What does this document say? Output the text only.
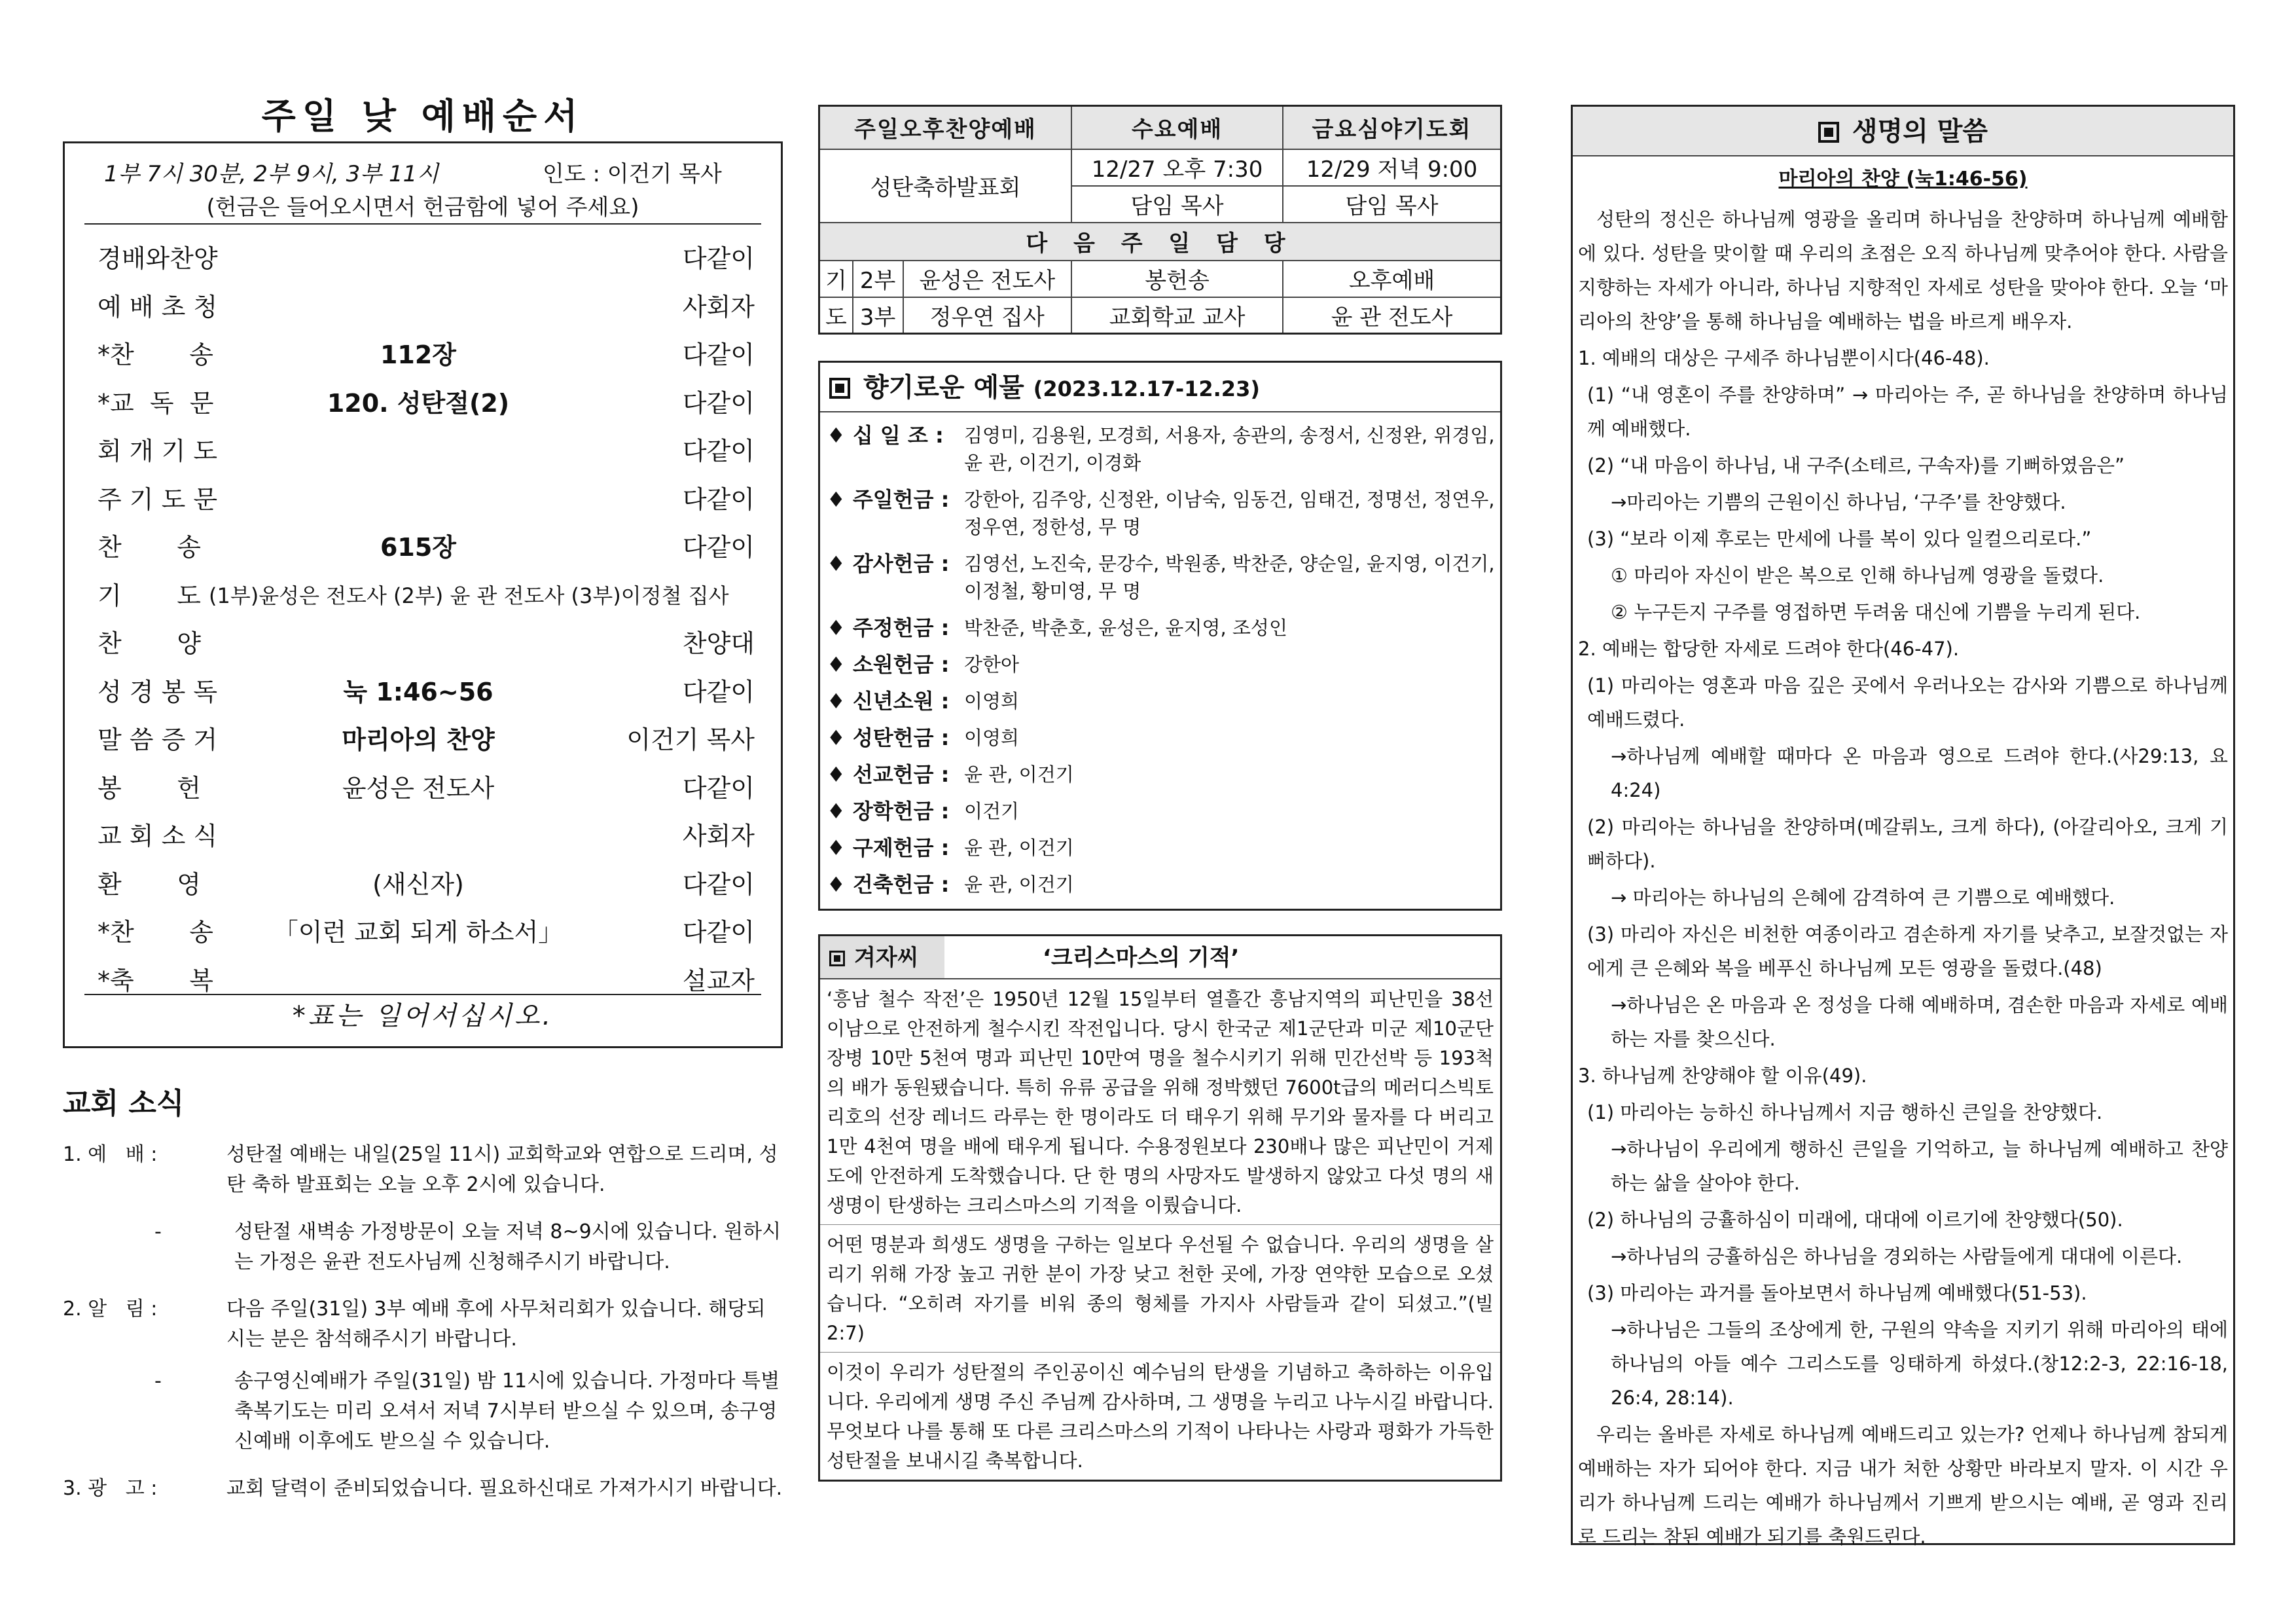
주일 낮 예배순서
1부 7시 30분, 2부 9시, 3부 11시	인도 : 이건기 목사
(헌금은 들어오시면서 헌금함에 넣어 주세요)
경배와찬양	다같이
예 배 초 청	사회자
*찬       송	112장	다같이
*교  독  문	120. 성탄절(2)	다같이
회 개 기 도	다같이
주 기 도 문	다같이
찬       송	615장	다같이
기       도 (1부)윤성은 전도사 (2부) 윤 관 전도사 (3부)이정철 집사
찬       양	찬양대
성 경 봉 독	눅 1:46~56	다같이
말 씀 증 거	마리아의 찬양	이건기 목사
봉       헌	윤성은 전도사	다같이
교 회 소 식	사회자
환       영	(새신자)	다같이
*찬       송	「이런 교회 되게 하소서」	다같이
*축       복	설교자
*표는 일어서십시오.
교회 소식
1. 예   배 :	성탄절 예배는 내일(25일 11시) 교회학교와 연합으로 드리며, 성탄 축하 발표회는 오늘 오후 2시에 있습니다.
-	성탄절 새벽송 가정방문이 오늘 저녁 8~9시에 있습니다. 원하시는 가정은 윤관 전도사님께 신청해주시기 바랍니다.
2. 알   림 :	다음 주일(31일) 3부 예배 후에 사무처리회가 있습니다. 해당되시는 분은 참석해주시기 바랍니다.
-	송구영신예배가 주일(31일) 밤 11시에 있습니다. 가정마다 특별 축복기도는 미리 오셔서 저녁 7시부터 받으실 수 있으며, 송구영신예배 이후에도 받으실 수 있습니다.
3. 광   고 :	교회 달력이 준비되었습니다. 필요하신대로 가져가시기 바랍니다.
주일오후찬양예배			수요예배	금요심야기도회
성탄축하발표회			12/27 오후 7:30	12/29 저녁 9:00
			담임 목사	담임 목사
다 음 주 일 담 당				
기	2부	윤성은 전도사	봉헌송	오후예배
도	3부	정우연 집사	교회학교 교사	윤 관 전도사
향기로운 예물 (2023.12.17-12.23)
♦ 십 일 조 : 김영미, 김용원, 모경희, 서용자, 송관의, 송정서, 신정완, 위경임, 윤 관, 이건기, 이경화
♦ 주일헌금 : 강한아, 김주앙, 신정완, 이남숙, 임동건, 임태건, 정명선, 정연우, 정우연, 정한성, 무 명
♦ 감사헌금 : 김영선, 노진숙, 문강수, 박원종, 박찬준, 양순일, 윤지영, 이건기, 이정철, 황미영, 무 명
♦ 주정헌금 : 박찬준, 박춘호, 윤성은, 윤지영, 조성인
♦ 소원헌금 : 강한아
♦ 신년소원 : 이영희
♦ 성탄헌금 : 이영희
♦ 선교헌금 : 윤 관, 이건기
♦ 장학헌금 : 이건기
♦ 구제헌금 : 윤 관, 이건기
♦ 건축헌금 : 윤 관, 이건기
겨자씨	‘크리스마스의 기적’
‘흥남 철수 작전’은 1950년 12월 15일부터 열흘간 흥남지역의 피난민을 38선 이남으로 안전하게 철수시킨 작전입니다. 당시 한국군 제1군단과 미군 제10군단 장병 10만 5천여 명과 피난민 10만여 명을 철수시키기 위해 민간선박 등 193척의 배가 동원됐습니다. 특히 유류 공급을 위해 정박했던 7600t급의 메러디스빅토리호의 선장 레너드 라루는 한 명이라도 더 태우기 위해 무기와 물자를 다 버리고 1만 4천여 명을 배에 태우게 됩니다. 수용정원보다 230배나 많은 피난민이 거제도에 안전하게 도착했습니다. 단 한 명의 사망자도 발생하지 않았고 다섯 명의 새 생명이 탄생하는 크리스마스의 기적을 이뤘습니다.
어떤 명분과 희생도 생명을 구하는 일보다 우선될 수 없습니다. 우리의 생명을 살리기 위해 가장 높고 귀한 분이 가장 낮고 천한 곳에, 가장 연약한 모습으로 오셨습니다. “오히려 자기를 비워 종의 형체를 가지사 사람들과 같이 되셨고.”(빌 2:7)
이것이 우리가 성탄절의 주인공이신 예수님의 탄생을 기념하고 축하하는 이유입니다. 우리에게 생명 주신 주님께 감사하며, 그 생명을 누리고 나누시길 바랍니다. 무엇보다 나를 통해 또 다른 크리스마스의 기적이 나타나는 사랑과 평화가 가득한 성탄절을 보내시길 축복합니다.
생명의 말씀
마리아의 찬양 (눅1:46-56)

성탄의 정신은 하나님께 영광을 올리며 하나님을 찬양하며 하나님께 예배함에 있다. 성탄을 맞이할 때 우리의 초점은 오직 하나님께 맞추어야 한다. 사람을 지향하는 자세가 아니라, 하나님 지향적인 자세로 성탄을 맞아야 한다. 오늘 ‘마리아의 찬양’을 통해 하나님을 예배하는 법을 바르게 배우자.

1. 예배의 대상은 구세주 하나님뿐이시다(46-48).

(1) “내 영혼이 주를 찬양하며” → 마리아는 주, 곧 하나님을 찬양하며 하나님께 예배했다.

(2) “내 마음이 하나님, 내 구주(소테르, 구속자)를 기뻐하였음은”

→마리아는 기쁨의 근원이신 하나님, ‘구주’를 찬양했다.

(3) “보라 이제 후로는 만세에 나를 복이 있다 일컬으리로다.”

① 마리아 자신이 받은 복으로 인해 하나님께 영광을 돌렸다.

② 누구든지 구주를 영접하면 두려움 대신에 기쁨을 누리게 된다.

2. 예배는 합당한 자세로 드려야 한다(46-47).

(1) 마리아는 영혼과 마음 깊은 곳에서 우러나오는 감사와 기쁨으로 하나님께 예배드렸다.

→하나님께 예배할 때마다 온 마음과 영으로 드려야 한다.(사29:13, 요4:24)

(2) 마리아는 하나님을 찬양하며(메갈뤼노, 크게 하다), (아갈리아오, 크게 기뻐하다).

→ 마리아는 하나님의 은혜에 감격하여 큰 기쁨으로 예배했다.

(3) 마리아 자신은 비천한 여종이라고 겸손하게 자기를 낮추고, 보잘것없는 자에게 큰 은혜와 복을 베푸신 하나님께 모든 영광을 돌렸다.(48)

→하나님은 온 마음과 온 정성을 다해 예배하며, 겸손한 마음과 자세로 예배하는 자를 찾으신다.

3. 하나님께 찬양해야 할 이유(49).

(1) 마리아는 능하신 하나님께서 지금 행하신 큰일을 찬양했다.

→하나님이 우리에게 행하신 큰일을 기억하고, 늘 하나님께 예배하고 찬양하는 삶을 살아야 한다.

(2) 하나님의 긍휼하심이 미래에, 대대에 이르기에 찬양했다(50).

→하나님의 긍휼하심은 하나님을 경외하는 사람들에게 대대에 이른다.

(3) 마리아는 과거를 돌아보면서 하나님께 예배했다(51-53).

→하나님은 그들의 조상에게 한, 구원의 약속을 지키기 위해 마리아의 태에 하나님의 아들 예수 그리스도를 잉태하게 하셨다.(창12:2-3, 22:16-18, 26:4, 28:14).

우리는 올바른 자세로 하나님께 예배드리고 있는가? 언제나 하나님께 참되게 예배하는 자가 되어야 한다. 지금 내가 처한 상황만 바라보지 말자. 이 시간 우리가 하나님께 드리는 예배가 하나님께서 기쁘게 받으시는 예배, 곧 영과 진리로 드리는 참된 예배가 되기를 축원드린다.
